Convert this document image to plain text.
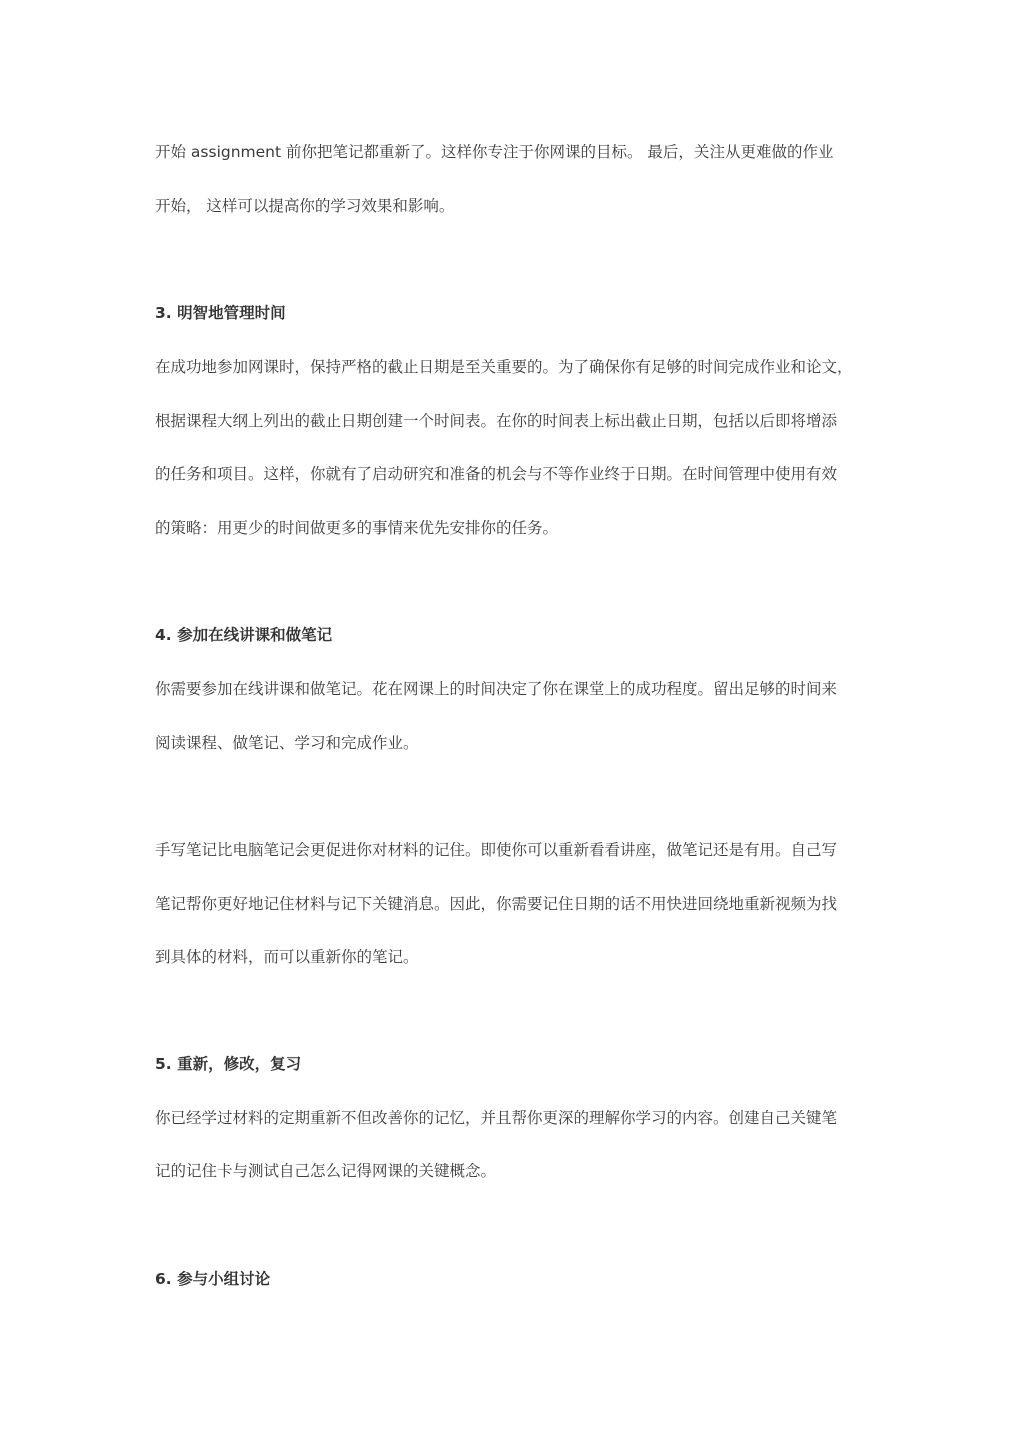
开始 assignment 前你把笔记都重新了。这样你专注于你网课的目标。 最后，关注从更难做的作业
开始， 这样可以提高你的学习效果和影响。
3. 明智地管理时间
在成功地参加网课时，保持严格的截止日期是至关重要的。为了确保你有足够的时间完成作业和论文，
根据课程大纲上列出的截止日期创建一个时间表。在你的时间表上标出截止日期，包括以后即将增添
的任务和项目。这样，你就有了启动研究和准备的机会与不等作业终于日期。在时间管理中使用有效
的策略：用更少的时间做更多的事情来优先安排你的任务。
4. 参加在线讲课和做笔记
你需要参加在线讲课和做笔记。花在网课上的时间决定了你在课堂上的成功程度。留出足够的时间来
阅读课程、做笔记、学习和完成作业。
手写笔记比电脑笔记会更促进你对材料的记住。即使你可以重新看看讲座，做笔记还是有用。自己写
笔记帮你更好地记住材料与记下关键消息。因此，你需要记住日期的话不用快进回绕地重新视频为找
到具体的材料，而可以重新你的笔记。
5. 重新，修改，复习
你已经学过材料的定期重新不但改善你的记忆，并且帮你更深的理解你学习的内容。创建自己关键笔
记的记住卡与测试自己怎么记得网课的关键概念。
6. 参与小组讨论
